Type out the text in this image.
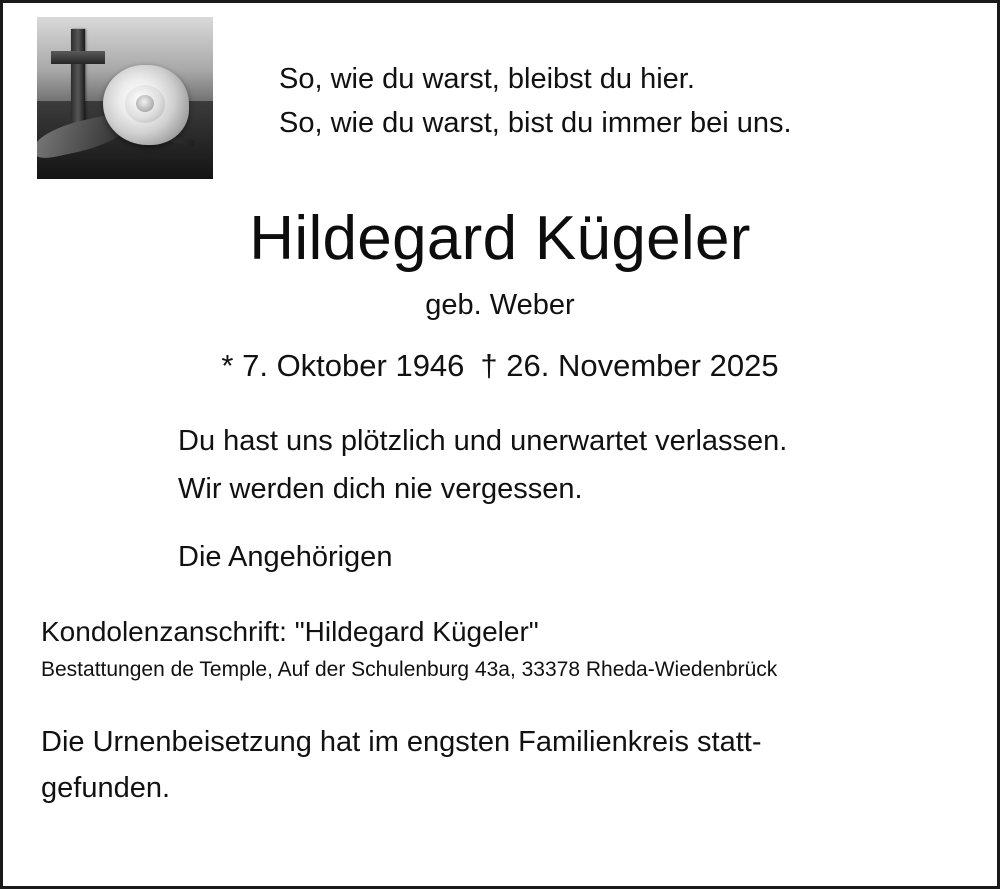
So, wie du warst, bleibst du hier.
So, wie du warst, bist du immer bei uns.
Hildegard Kügeler
geb. Weber
* 7. Oktober 1946 † 26. November 2025
Du hast uns plötzlich und unerwartet verlassen.
Wir werden dich nie vergessen.
Die Angehörigen
Kondolenzanschrift: "Hildegard Kügeler"
Bestattungen de Temple, Auf der Schulenburg 43a, 33378 Rheda-Wiedenbrück
Die Urnenbeisetzung hat im engsten Familienkreis statt-
gefunden.
